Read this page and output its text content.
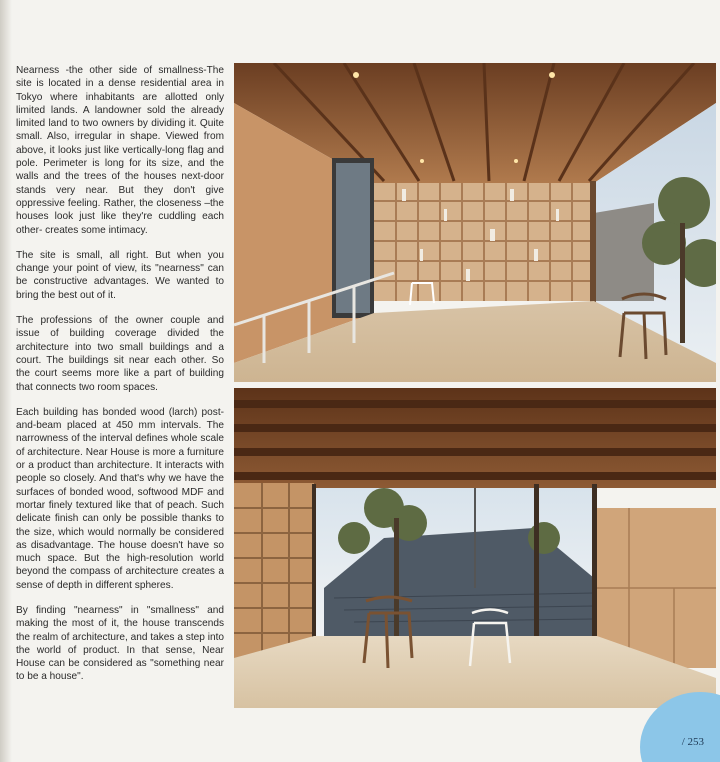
Nearness -the other side of smallness-The site is located in a dense residential area in Tokyo where inhabitants are allotted only limited lands. A landowner sold the already limited land to two owners by dividing it. Quite small. Also, irregular in shape. Viewed from above, it looks just like vertically-long flag and pole. Perimeter is long for its size, and the walls and the trees of the houses next-door stands very near. But they don't give oppressive feeling. Rather, the closeness –the houses look just like they're cuddling each other- creates some intimacy.

The site is small, all right. But when you change your point of view, its "nearness" can be constructive advantages. We wanted to bring the best out of it.

The professions of the owner couple and issue of building coverage divided the architecture into two small buildings and a court. The buildings sit near each other. So the court seems more like a part of building that connects two room spaces.

Each building has bonded wood (larch) post-and-beam placed at 450 mm intervals. The narrowness of the interval defines whole scale of architecture. Near House is more a furniture or a product than architecture. It interacts with people so closely. And that's why we have the surfaces of bonded wood, softwood MDF and mortar finely textured like that of peach. Such delicate finish can only be possible thanks to the size, which would normally be considered as disadvantage. The house doesn't have so much space. But the high-resolution world beyond the compass of architecture creates a sense of depth in different spheres.

By finding "nearness" in "smallness" and making the most of it, the house transcends the realm of architecture, and takes a step into the world of product. In that sense, Near House can be considered as "something near to be a house".

/ 253
